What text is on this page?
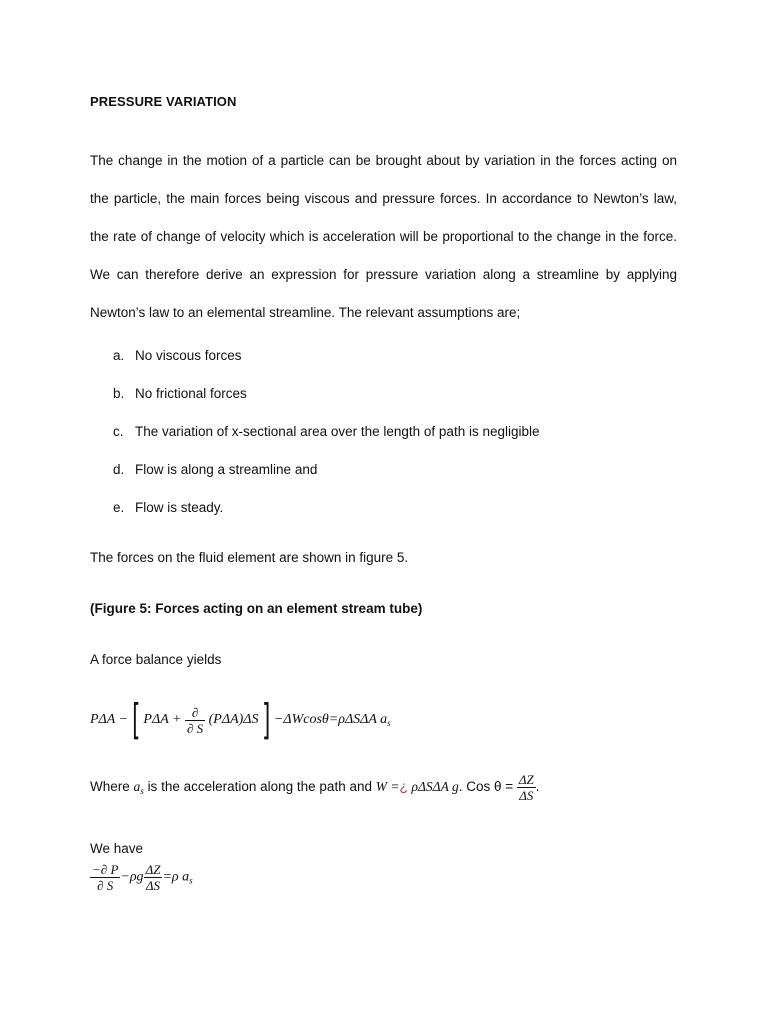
PRESSURE VARIATION
The change in the motion of a particle can be brought about by variation in the forces acting on the particle, the main forces being viscous and pressure forces. In accordance to Newton’s law, the rate of change of velocity which is acceleration will be proportional to the change in the force. We can therefore derive an expression for pressure variation along a streamline by applying Newton’s law to an elemental streamline. The relevant assumptions are;
a. No viscous forces
b. No frictional forces
c. The variation of x-sectional area over the length of path is negligible
d. Flow is along a streamline and
e. Flow is steady.
The forces on the fluid element are shown in figure 5.
(Figure 5: Forces acting on an element stream tube)
A force balance yields
PΔA − [ $P\Delta A + \frac{\partial}{\partial S} (P\Delta A)\Delta S$ ] −ΔWcosθ=ρΔSΔA $a_s$
Where $a_s$ is the acceleration along the path and W =¿ ρΔSΔA g. Cos $\theta = \frac{\Delta Z}{\Delta S}$ .
We have
$\frac{-\partial P}{\partial S} -\rho g \frac{\Delta Z}{\Delta S} =\rho$ $a_s$
